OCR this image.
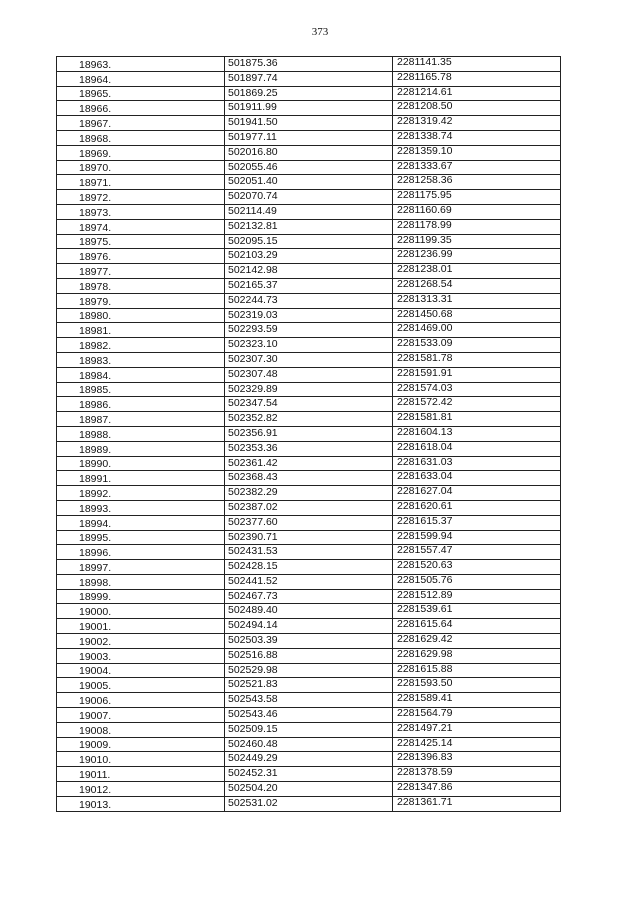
373
18963.	501875.36	2281141.35
18964.	501897.74	2281165.78
18965.	501869.25	2281214.61
18966.	501911.99	2281208.50
18967.	501941.50	2281319.42
18968.	501977.11	2281338.74
18969.	502016.80	2281359.10
18970.	502055.46	2281333.67
18971.	502051.40	2281258.36
18972.	502070.74	2281175.95
18973.	502114.49	2281160.69
18974.	502132.81	2281178.99
18975.	502095.15	2281199.35
18976.	502103.29	2281236.99
18977.	502142.98	2281238.01
18978.	502165.37	2281268.54
18979.	502244.73	2281313.31
18980.	502319.03	2281450.68
18981.	502293.59	2281469.00
18982.	502323.10	2281533.09
18983.	502307.30	2281581.78
18984.	502307.48	2281591.91
18985.	502329.89	2281574.03
18986.	502347.54	2281572.42
18987.	502352.82	2281581.81
18988.	502356.91	2281604.13
18989.	502353.36	2281618.04
18990.	502361.42	2281631.03
18991.	502368.43	2281633.04
18992.	502382.29	2281627.04
18993.	502387.02	2281620.61
18994.	502377.60	2281615.37
18995.	502390.71	2281599.94
18996.	502431.53	2281557.47
18997.	502428.15	2281520.63
18998.	502441.52	2281505.76
18999.	502467.73	2281512.89
19000.	502489.40	2281539.61
19001.	502494.14	2281615.64
19002.	502503.39	2281629.42
19003.	502516.88	2281629.98
19004.	502529.98	2281615.88
19005.	502521.83	2281593.50
19006.	502543.58	2281589.41
19007.	502543.46	2281564.79
19008.	502509.15	2281497.21
19009.	502460.48	2281425.14
19010.	502449.29	2281396.83
19011.	502452.31	2281378.59
19012.	502504.20	2281347.86
19013.	502531.02	2281361.71
